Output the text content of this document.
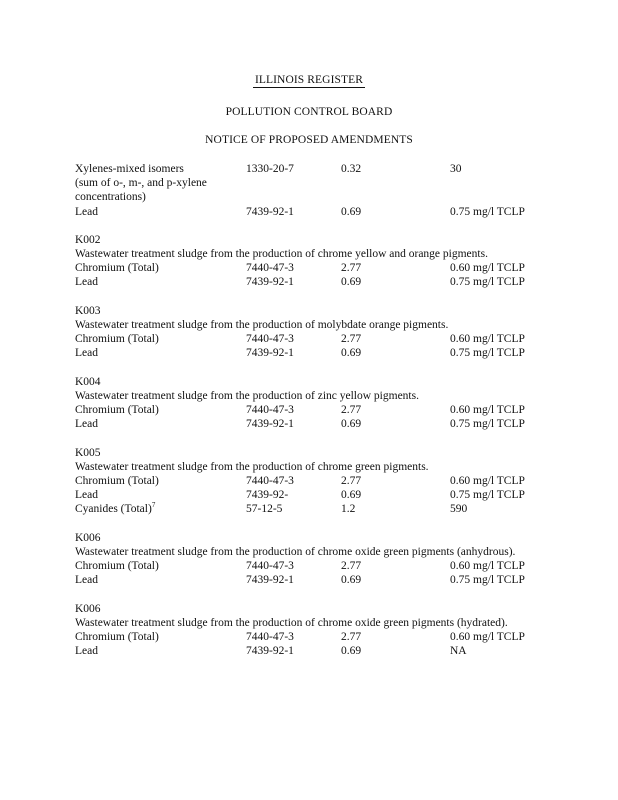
ILLINOIS REGISTER
POLLUTION CONTROL BOARD
NOTICE OF PROPOSED AMENDMENTS
Xylenes-mixed isomers	1330-20-7	0.32	30
(sum of o-, m-, and p-xylene
concentrations)
Lead	7439-92-1	0.69	0.75 mg/l TCLP
K002
Wastewater treatment sludge from the production of chrome yellow and orange pigments.
Chromium (Total)	7440-47-3	2.77	0.60 mg/l TCLP
Lead	7439-92-1	0.69	0.75 mg/l TCLP
K003
Wastewater treatment sludge from the production of molybdate orange pigments.
Chromium (Total)	7440-47-3	2.77	0.60 mg/l TCLP
Lead	7439-92-1	0.69	0.75 mg/l TCLP
K004
Wastewater treatment sludge from the production of zinc yellow pigments.
Chromium (Total)	7440-47-3	2.77	0.60 mg/l TCLP
Lead	7439-92-1	0.69	0.75 mg/l TCLP
K005
Wastewater treatment sludge from the production of chrome green pigments.
Chromium (Total)	7440-47-3	2.77	0.60 mg/l TCLP
Lead	7439-92-	0.69	0.75 mg/l TCLP
Cyanides (Total)$^7$	57-12-5	1.2	590
K006
Wastewater treatment sludge from the production of chrome oxide green pigments (anhydrous).
Chromium (Total)	7440-47-3	2.77	0.60 mg/l TCLP
Lead	7439-92-1	0.69	0.75 mg/l TCLP
K006
Wastewater treatment sludge from the production of chrome oxide green pigments (hydrated).
Chromium (Total)	7440-47-3	2.77	0.60 mg/l TCLP
Lead	7439-92-1	0.69	NA
